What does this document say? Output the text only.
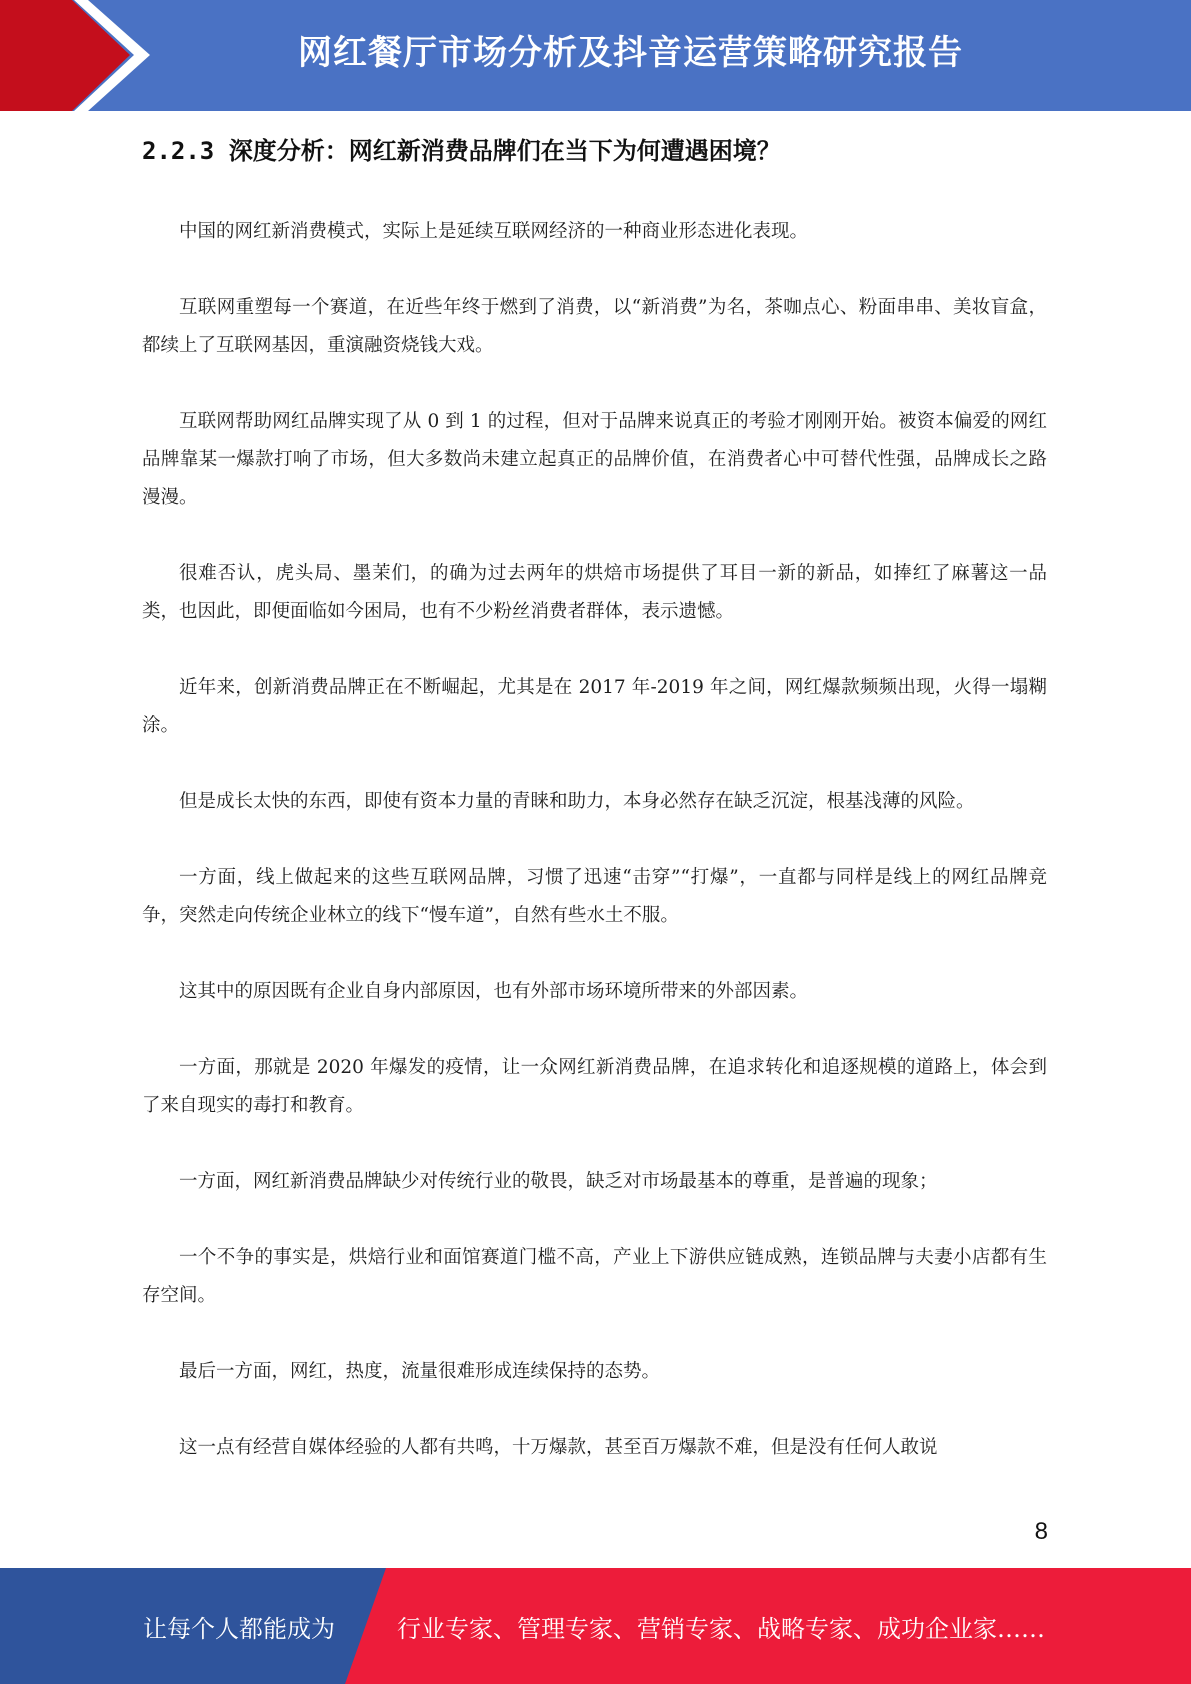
网红餐厅市场分析及抖音运营策略研究报告
2.2.3 深度分析：网红新消费品牌们在当下为何遭遇困境？

中国的网红新消费模式，实际上是延续互联网经济的一种商业形态进化表现。

互联网重塑每一个赛道，在近些年终于燃到了消费，以“新消费”为名，茶咖点心、粉面串串、美妆盲盒，都续上了互联网基因，重演融资烧钱大戏。

互联网帮助网红品牌实现了从 0 到 1 的过程，但对于品牌来说真正的考验才刚刚开始。被资本偏爱的网红品牌靠某一爆款打响了市场，但大多数尚未建立起真正的品牌价值，在消费者心中可替代性强，品牌成长之路漫漫。

很难否认，虎头局、墨茉们，的确为过去两年的烘焙市场提供了耳目一新的新品，如捧红了麻薯这一品类，也因此，即便面临如今困局，也有不少粉丝消费者群体，表示遗憾。

近年来，创新消费品牌正在不断崛起，尤其是在 2017 年-2019 年之间，网红爆款频频出现，火得一塌糊涂。

但是成长太快的东西，即使有资本力量的青睐和助力，本身必然存在缺乏沉淀，根基浅薄的风险。

一方面，线上做起来的这些互联网品牌，习惯了迅速“击穿”“打爆”，一直都与同样是线上的网红品牌竞争，突然走向传统企业林立的线下“慢车道”，自然有些水土不服。

这其中的原因既有企业自身内部原因，也有外部市场环境所带来的外部因素。

一方面，那就是 2020 年爆发的疫情，让一众网红新消费品牌，在追求转化和追逐规模的道路上，体会到了来自现实的毒打和教育。

一方面，网红新消费品牌缺少对传统行业的敬畏，缺乏对市场最基本的尊重，是普遍的现象；

一个不争的事实是，烘焙行业和面馆赛道门槛不高，产业上下游供应链成熟，连锁品牌与夫妻小店都有生存空间。

最后一方面，网红，热度，流量很难形成连续保持的态势。

这一点有经营自媒体经验的人都有共鸣，十万爆款，甚至百万爆款不难，但是没有任何人敢说

8
让每个人都能成为	行业专家、管理专家、营销专家、战略专家、成功企业家……
